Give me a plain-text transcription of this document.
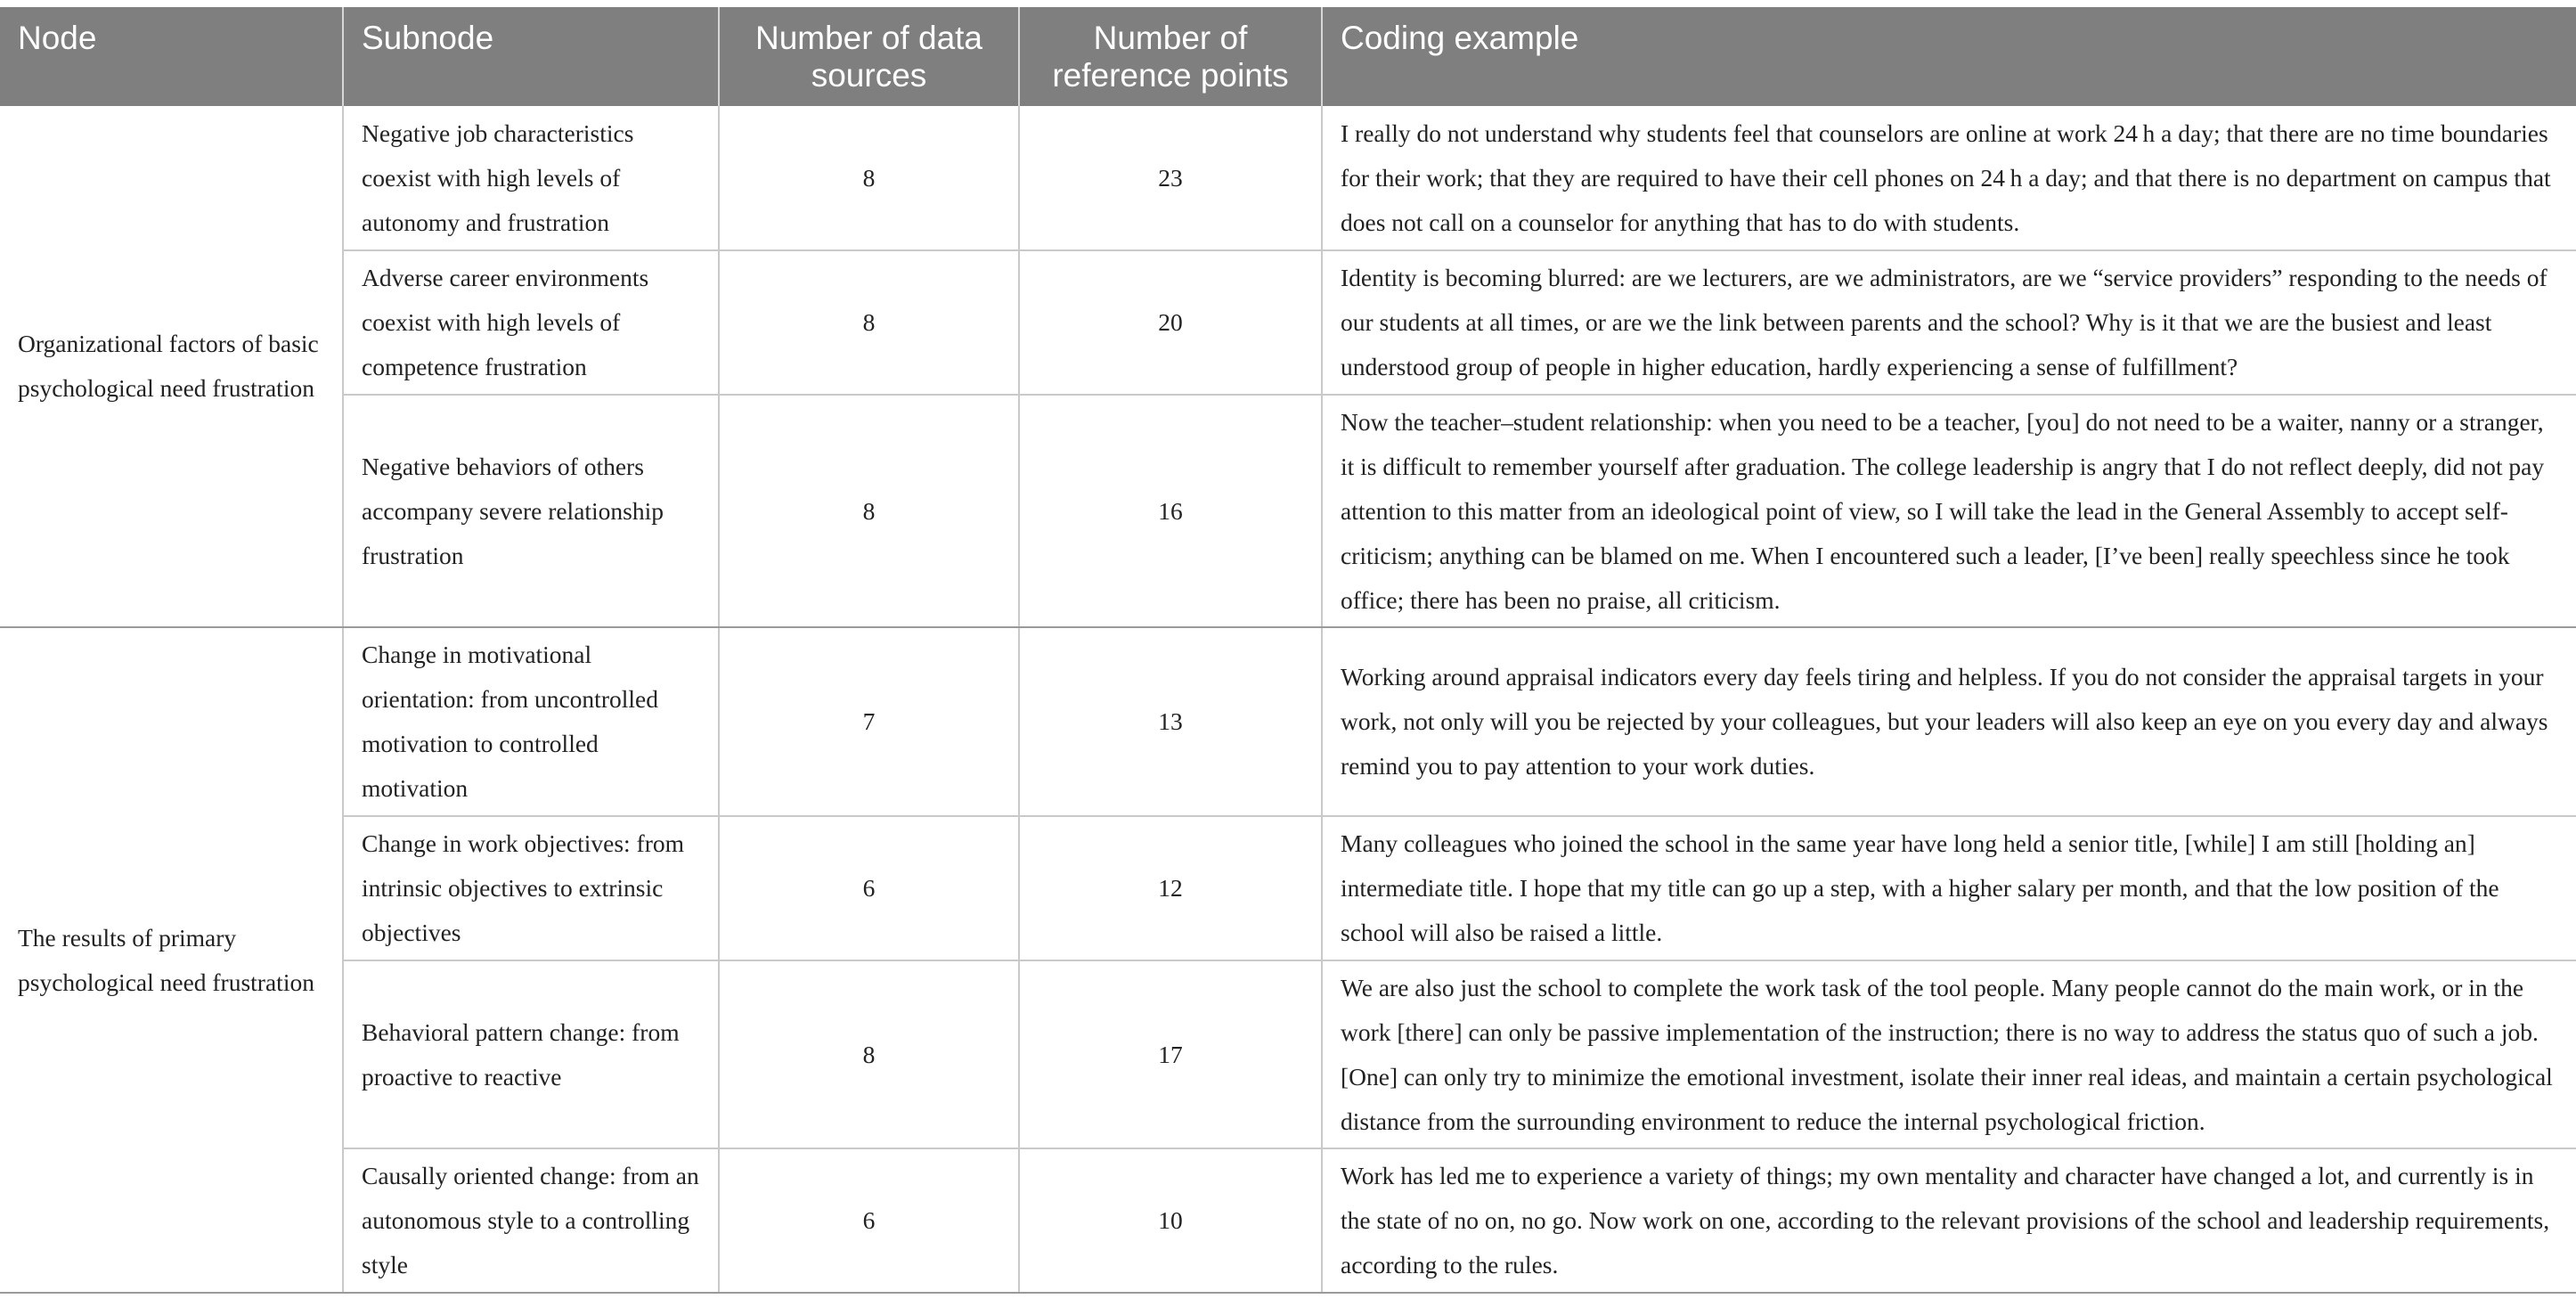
Node	Subnode	Number of data sources	Number of reference points	Coding example
Organizational factors of basic psychological need frustration	Negative job characteristics coexist with high levels of autonomy and frustration	8	23	I really do not understand why students feel that counselors are online at work 24 h a day; that there are no time boundaries for their work; that they are required to have their cell phones on 24 h a day; and that there is no department on campus that does not call on a counselor for anything that has to do with students.
	Adverse career environments coexist with high levels of competence frustration	8	20	Identity is becoming blurred: are we lecturers, are we administrators, are we “service providers” responding to the needs of our students at all times, or are we the link between parents and the school? Why is it that we are the busiest and least understood group of people in higher education, hardly experiencing a sense of fulfillment?
	Negative behaviors of others accompany severe relationship frustration	8	16	Now the teacher–student relationship: when you need to be a teacher, [you] do not need to be a waiter, nanny or a stranger, it is difficult to remember yourself after graduation. The college leadership is angry that I do not reflect deeply, did not pay attention to this matter from an ideological point of view, so I will take the lead in the General Assembly to accept self-criticism; anything can be blamed on me. When I encountered such a leader, [I’ve been] really speechless since he took office; there has been no praise, all criticism.
The results of primary psychological need frustration	Change in motivational orientation: from uncontrolled motivation to controlled motivation	7	13	Working around appraisal indicators every day feels tiring and helpless. If you do not consider the appraisal targets in your work, not only will you be rejected by your colleagues, but your leaders will also keep an eye on you every day and always remind you to pay attention to your work duties.
	Change in work objectives: from intrinsic objectives to extrinsic objectives	6	12	Many colleagues who joined the school in the same year have long held a senior title, [while] I am still [holding an] intermediate title. I hope that my title can go up a step, with a higher salary per month, and that the low position of the school will also be raised a little.
	Behavioral pattern change: from proactive to reactive	8	17	We are also just the school to complete the work task of the tool people. Many people cannot do the main work, or in the work [there] can only be passive implementation of the instruction; there is no way to address the status quo of such a job. [One] can only try to minimize the emotional investment, isolate their inner real ideas, and maintain a certain psychological distance from the surrounding environment to reduce the internal psychological friction.
	Causally oriented change: from an autonomous style to a controlling style	6	10	Work has led me to experience a variety of things; my own mentality and character have changed a lot, and currently is in the state of no on, no go. Now work on one, according to the relevant provisions of the school and leadership requirements, according to the rules.
